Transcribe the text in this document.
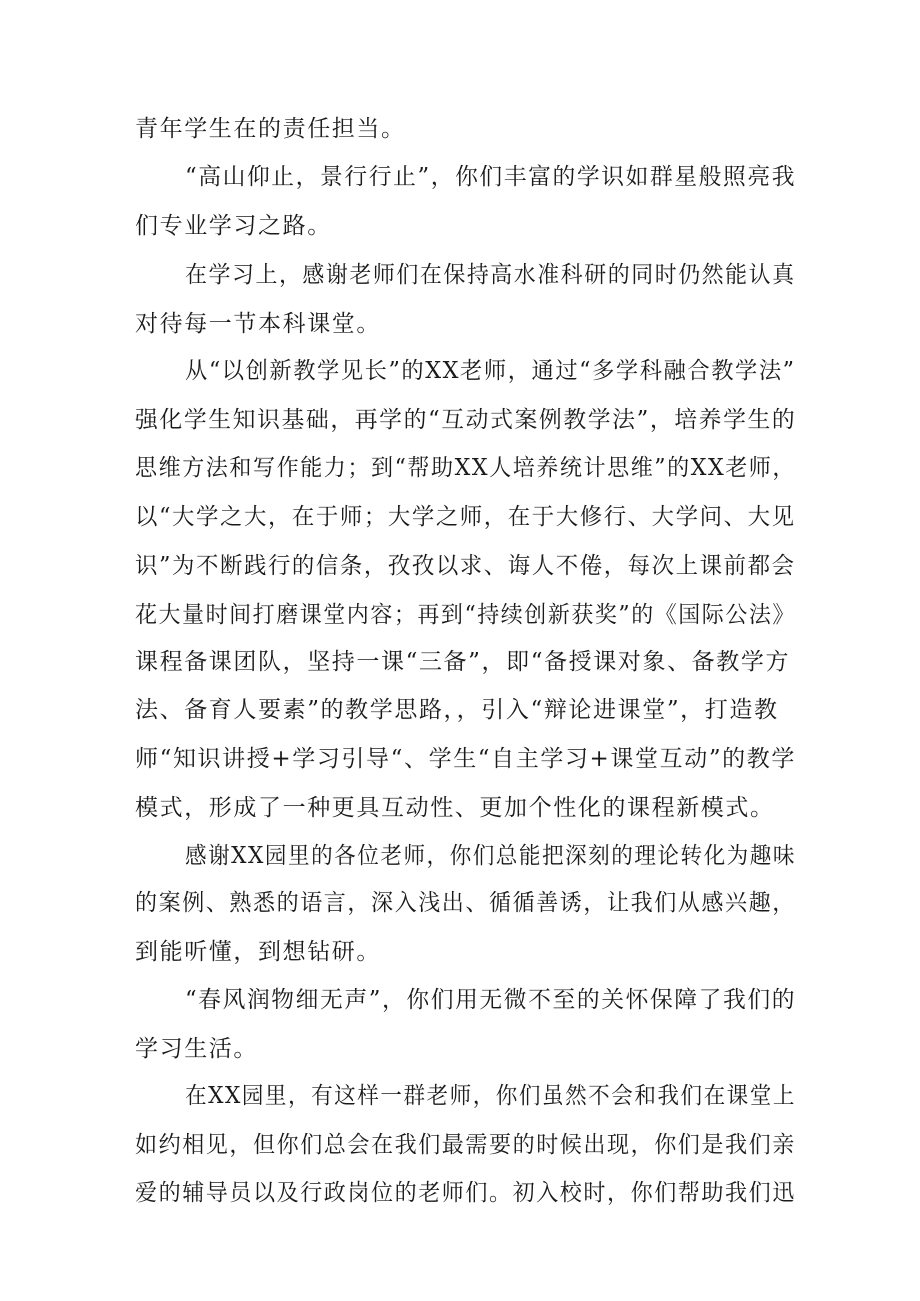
青年学生在的责任担当。

“高山仰止，景行行止”，你们丰富的学识如群星般照亮我

们专业学习之路。

在学习上，感谢老师们在保持高水准科研的同时仍然能认真

对待每一节本科课堂。

从“以创新教学见长”的XX老师，通过“多学科融合教学法”

强化学生知识基础，再学的“互动式案例教学法”，培养学生的

思维方法和写作能力；到“帮助XX人培养统计思维”的XX老师，

以“大学之大，在于师；大学之师，在于大修行、大学问、大见

识”为不断践行的信条，孜孜以求、诲人不倦，每次上课前都会

花大量时间打磨课堂内容；再到“持续创新获奖”的《国际公法》

课程备课团队，坚持一课“三备”，即“备授课对象、备教学方

法、备育人要素”的教学思路，，引入“辩论进课堂”，打造教

师“知识讲授+学习引导“、学生“自主学习+课堂互动”的教学

模式，形成了一种更具互动性、更加个性化的课程新模式。

感谢XX园里的各位老师，你们总能把深刻的理论转化为趣味

的案例、熟悉的语言，深入浅出、循循善诱，让我们从感兴趣，

到能听懂，到想钻研。

“春风润物细无声”，你们用无微不至的关怀保障了我们的

学习生活。

在XX园里，有这样一群老师，你们虽然不会和我们在课堂上

如约相见，但你们总会在我们最需要的时候出现，你们是我们亲

爱的辅导员以及行政岗位的老师们。初入校时，你们帮助我们迅
